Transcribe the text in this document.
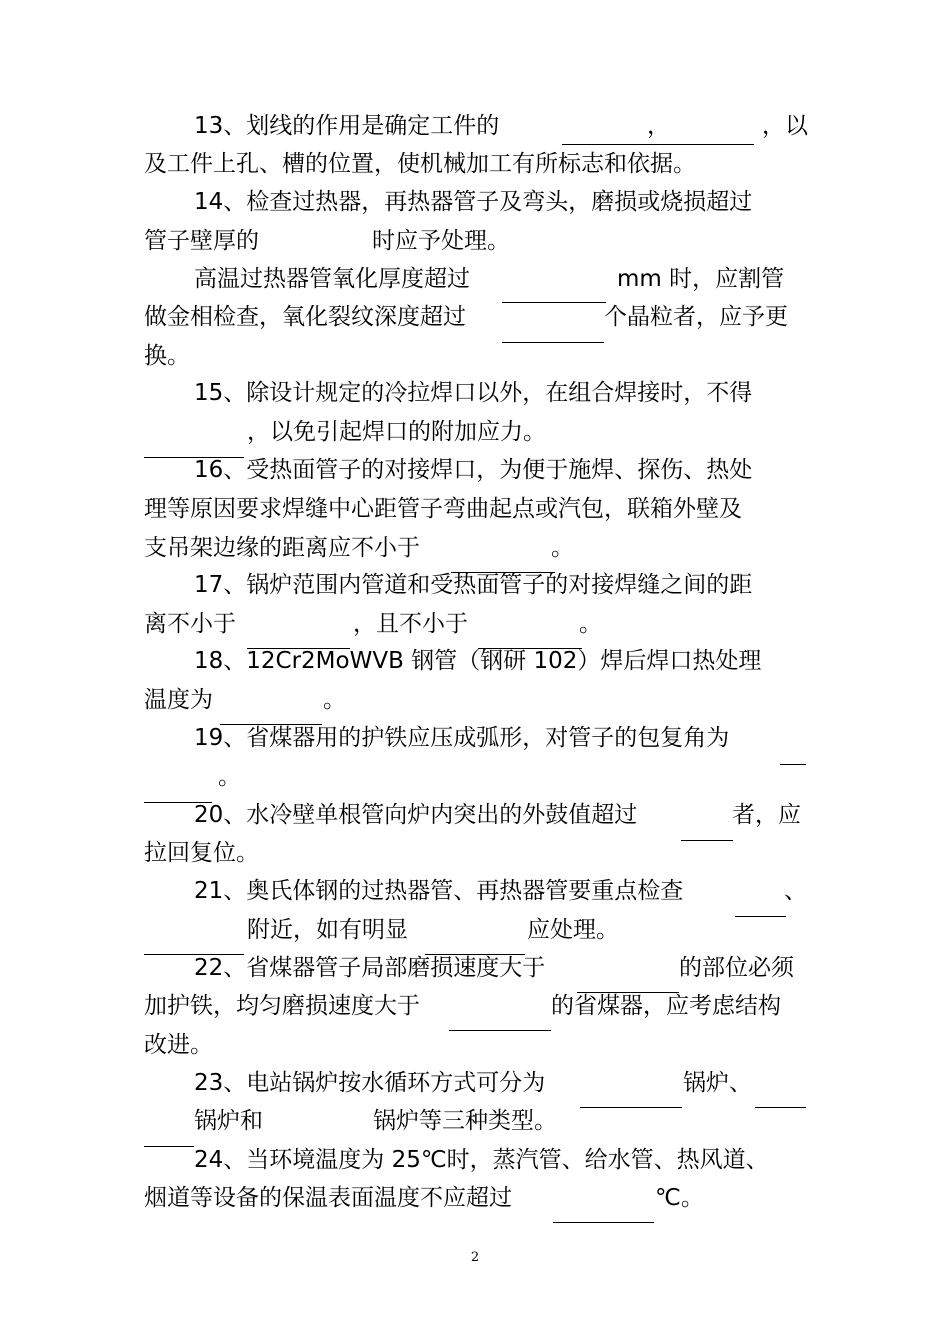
13、划线的作用是确定工件的	，	，以

及工件上孔、槽的位置，使机械加工有所标志和依据。

14、检查过热器，再热器管子及弯头，磨损或烧损超过

管子壁厚的	时应予处理。

高温过热器管氧化厚度超过	mm 时，应割管

做金相检查，氧化裂纹深度超过	个晶粒者，应予更

换。

15、除设计规定的冷拉焊口以外，在组合焊接时，不得

，以免引起焊口的附加应力。

16、受热面管子的对接焊口，为便于施焊、探伤、热处

理等原因要求焊缝中心距管子弯曲起点或汽包，联箱外壁及

支吊架边缘的距离应不小于	。

17、锅炉范围内管道和受热面管子的对接焊缝之间的距

离不小于	，且不小于	。

18、12Cr2MoWVB 钢管（钢研 102）焊后焊口热处理

温度为	。

19、省煤器用的护铁应压成弧形，对管子的包复角为

。

20、水冷壁单根管向炉内突出的外鼓值超过	者，应

拉回复位。

21、奥氏体钢的过热器管、再热器管要重点检查	、

附近，如有明显	应处理。

22、省煤器管子局部磨损速度大于	的部位必须

加护铁，均匀磨损速度大于	的省煤器，应考虑结构

改进。

23、电站锅炉按水循环方式可分为	锅炉、

锅炉和	锅炉等三种类型。

24、当环境温度为 25℃时，蒸汽管、给水管、热风道、

烟道等设备的保温表面温度不应超过	℃。

2
